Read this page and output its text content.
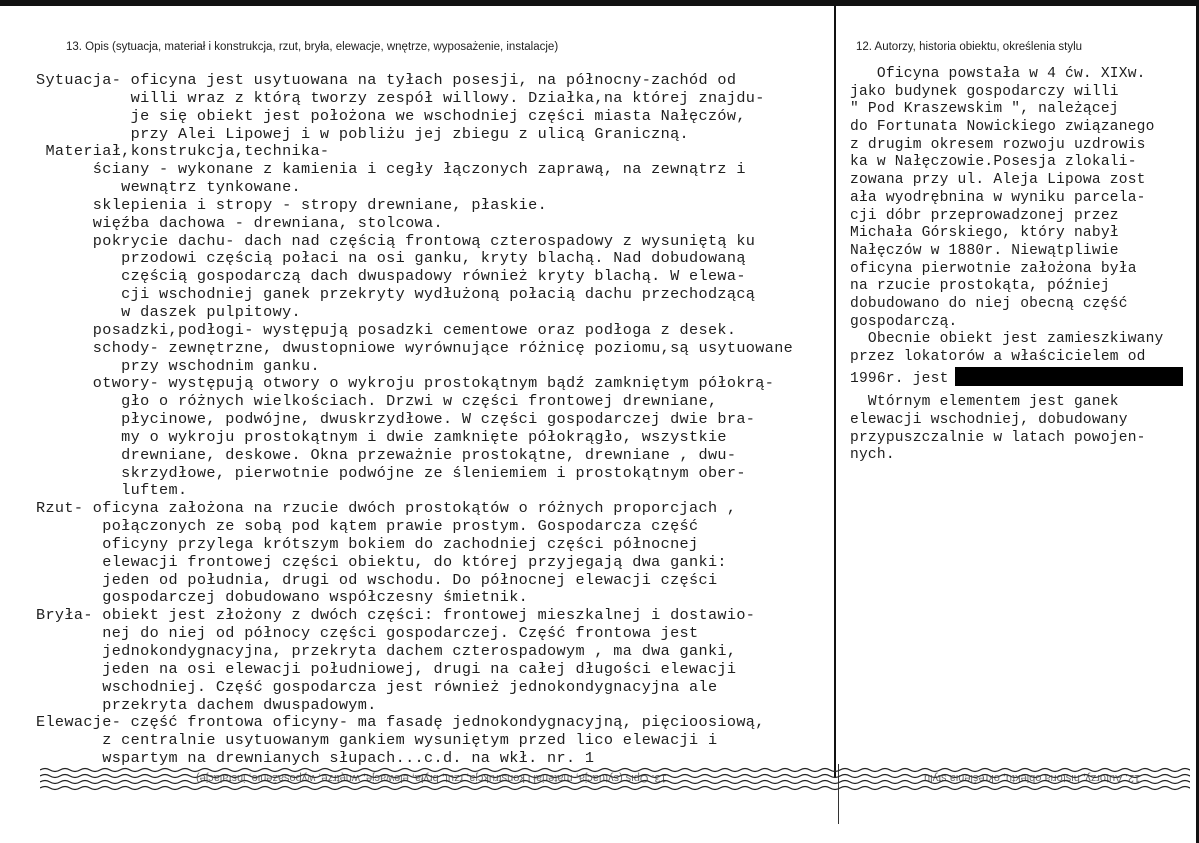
13. Opis (sytuacja, materiał i konstrukcja, rzut, bryła, elewacje, wnętrze, wyposażenie, instalacje)	12. Autorzy, historia obiektu, określenia stylu
Sytuacja- oficyna jest usytuowana na tyłach posesji, na północny-zachód od
willi wraz z którą tworzy zespół willowy. Działka,na której znajdu-
je się obiekt jest położona we wschodniej części miasta Nałęczów,
przy Alei Lipowej i w pobliżu jej zbiegu z ulicą Graniczną.
Materiał,konstrukcja,technika-
ściany - wykonane z kamienia i cegły łączonych zaprawą, na zewnątrz i
wewnątrz tynkowane.
sklepienia i stropy - stropy drewniane, płaskie.
więźba dachowa - drewniana, stolcowa.
pokrycie dachu- dach nad częścią frontową czterospadowy z wysuniętą ku
przodowi częścią połaci na osi ganku, kryty blachą. Nad dobudowaną
częścią gospodarczą dach dwuspadowy również kryty blachą. W elewa-
cji wschodniej ganek przekryty wydłużoną połacią dachu przechodzącą
w daszek pulpitowy.
posadzki,podłogi- występują posadzki cementowe oraz podłoga z desek.
schody- zewnętrzne, dwustopniowe wyrównujące różnicę poziomu,są usytuowane
przy wschodnim ganku.
otwory- występują otwory o wykroju prostokątnym bądź zamkniętym półokrą-
gło o różnych wielkościach. Drzwi w części frontowej drewniane,
płycinowe, podwójne, dwuskrzydłowe. W części gospodarczej dwie bra-
my o wykroju prostokątnym i dwie zamknięte półokrągło, wszystkie
drewniane, deskowe. Okna przeważnie prostokątne, drewniane , dwu-
skrzydłowe, pierwotnie podwójne ze śleniemiem i prostokątnym ober-
luftem.
Rzut- oficyna założona na rzucie dwóch prostokątów o różnych proporcjach ,
połączonych ze sobą pod kątem prawie prostym. Gospodarcza część
oficyny przylega krótszym bokiem do zachodniej części północnej
elewacji frontowej części obiektu, do której przyjegają dwa ganki:
jeden od południa, drugi od wschodu. Do północnej elewacji części
gospodarczej dobudowano współczesny śmietnik.
Bryła- obiekt jest złożony z dwóch części: frontowej mieszkalnej i dostawio-
nej do niej od północy części gospodarczej. Część frontowa jest
jednokondygnacyjna, przekryta dachem czterospadowym , ma dwa ganki,
jeden na osi elewacji południowej, drugi na całej długości elewacji
wschodniej. Część gospodarcza jest również jednokondygnacyjna ale
przekryta dachem dwuspadowym.
Elewacje- część frontowa oficyny- ma fasadę jednokondygnacyjną, pięcioosiową,
z centralnie usytuowanym gankiem wysuniętym przed lico elewacji i
wspartym na drewnianych słupach...c.d. na wkł. nr. 1
Oficyna powstała w 4 ćw. XIXw.
jako budynek gospodarczy willi
" Pod Kraszewskim ", należącej
do Fortunata Nowickiego związanego
z drugim okresem rozwoju uzdrowis
ka w Nałęczowie.Posesja zlokali-
zowana przy ul. Aleja Lipowa zost
ała wyodrębnina w wyniku parcela-
cji dóbr przeprowadzonej przez
Michała Górskiego, który nabył
Nałęczów w 1880r. Niewątpliwie
oficyna pierwotnie założona była
na rzucie prostokąta, później
dobudowano do niej obecną część
gospodarczą.
Obecnie obiekt jest zamieszkiwany
przez lokatorów a właścicielem od
1996r. jest
Wtórnym elementem jest ganek
elewacji wschodniej, dobudowany
przypuszczalnie w latach powojen-
nych.
13. Opis (sytuacja, materiał i konstrukcja, rzut, bryła, elewacje, wnętrze, wyposażenie, instalacje)	12. Autorzy, historia obiektu, określenia stylu
